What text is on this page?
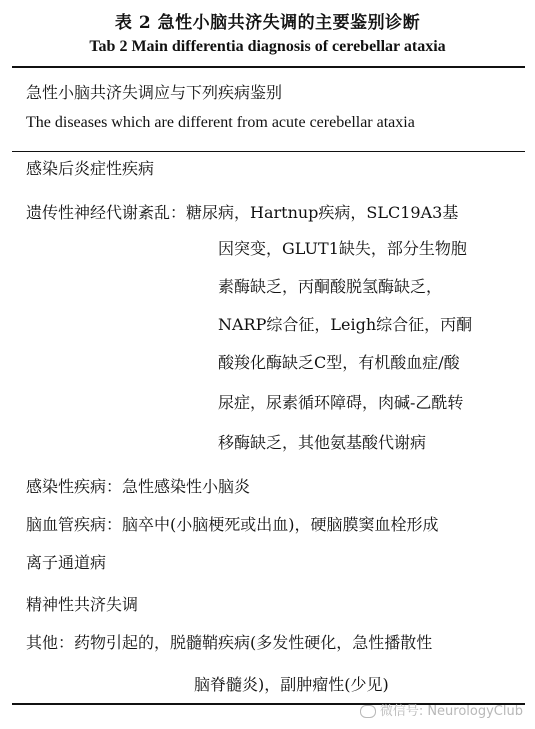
表 2 急性小脑共济失调的主要鉴别诊断
Tab 2 Main differentia diagnosis of cerebellar ataxia
急性小脑共济失调应与下列疾病鉴别
The diseases which are different from acute cerebellar ataxia
感染后炎症性疾病
遗传性神经代谢紊乱：糖尿病，Hartnup疾病，SLC19A3基
因突变，GLUT1缺失，部分生物胞
素酶缺乏，丙酮酸脱氢酶缺乏，
NARP综合征，Leigh综合征，丙酮
酸羧化酶缺乏C型，有机酸血症/酸
尿症，尿素循环障碍，肉碱-乙酰转
移酶缺乏，其他氨基酸代谢病
感染性疾病：急性感染性小脑炎
脑血管疾病：脑卒中(小脑梗死或出血)，硬脑膜窦血栓形成
离子通道病
精神性共济失调
其他：药物引起的，脱髓鞘疾病(多发性硬化，急性播散性
脑脊髓炎)，副肿瘤性(少见)
微信号: NeurologyClub
